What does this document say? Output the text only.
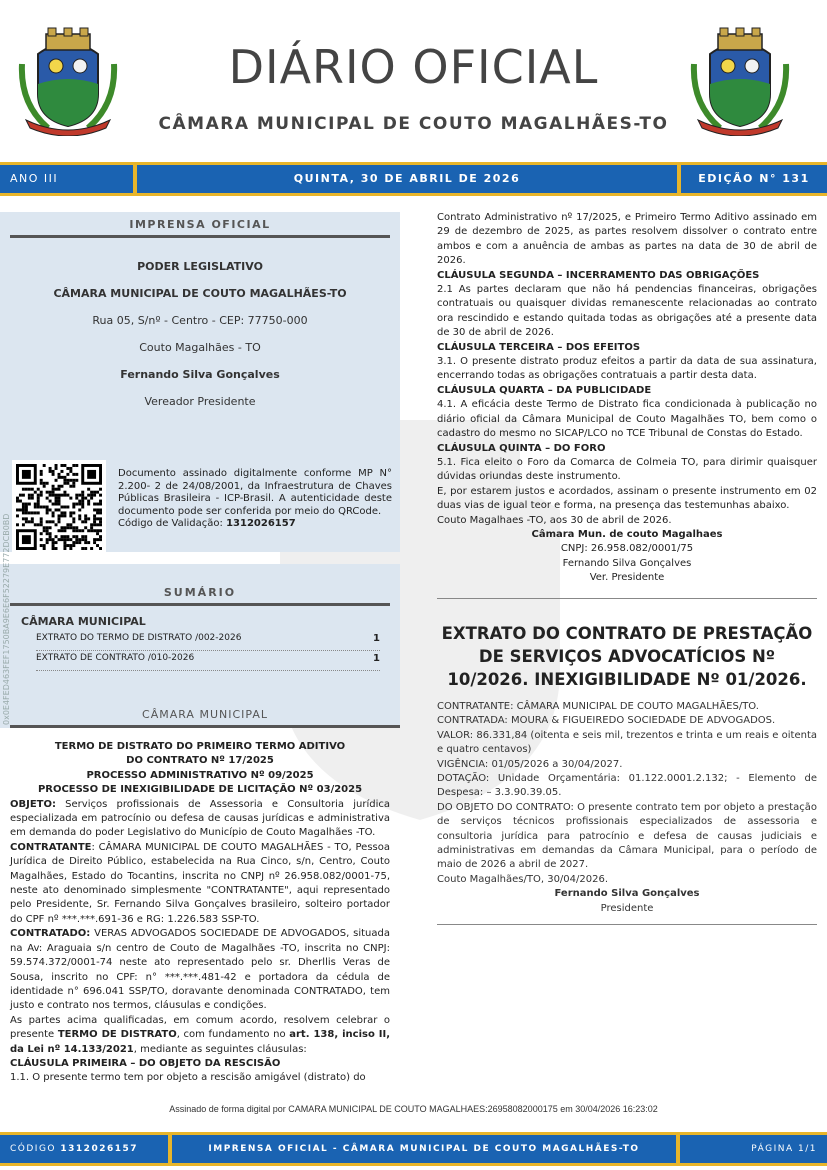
DIÁRIO OFICIAL
CÂMARA MUNICIPAL DE COUTO MAGALHÃES-TO
ANO III	QUINTA, 30 DE ABRIL DE 2026	EDIÇÃO N° 131
IMPRENSA OFICIAL

PODER LEGISLATIVO

CÂMARA MUNICIPAL DE COUTO MAGALHÃES-TO

Rua 05, S/nº - Centro - CEP: 77750-000

Couto Magalhães - TO

Fernando Silva Gonçalves

Vereador Presidente

Documento assinado digitalmente conforme MP N° 2.200- 2 de 24/08/2001, da Infraestrutura de Chaves Públicas Brasileira - ICP-Brasil. A autenticidade deste documento pode ser conferida por meio do QRCode.
Código de Validação: 1312026157
SUMÁRIO
CÂMARA MUNICIPAL
EXTRATO DO TERMO DE DISTRATO /002-2026	1
EXTRATO DE CONTRATO /010-2026	1
CÂMARA MUNICIPAL
TERMO DE DISTRATO DO PRIMEIRO TERMO ADITIVO
DO CONTRATO Nº 17/2025
PROCESSO ADMINISTRATIVO Nº 09/2025
PROCESSO DE INEXIGIBILIDADE DE LICITAÇÃO Nº 03/2025
OBJETO: Serviços profissionais de Assessoria e Consultoria jurídica especializada em patrocínio ou defesa de causas jurídicas e administrativa em demanda do poder Legislativo do Município de Couto Magalhães -TO.
CONTRATANTE: CÂMARA MUNICIPAL DE COUTO MAGALHÃES - TO, Pessoa Jurídica de Direito Público, estabelecida na Rua Cinco, s/n, Centro, Couto Magalhães, Estado do Tocantins, inscrita no CNPJ nº 26.958.082/0001-75, neste ato denominado simplesmente "CONTRATANTE", aqui representado pelo Presidente, Sr. Fernando Silva Gonçalves brasileiro, solteiro portador do CPF nº ***.***.691-36 e RG: 1.226.583 SSP-TO.
CONTRATADO: VERAS ADVOGADOS SOCIEDADE DE ADVOGADOS, situada na Av: Araguaia s/n centro de Couto de Magalhães -TO, inscrita no CNPJ: 59.574.372/0001-74 neste ato representado pelo sr. Dherllis Veras de Sousa, inscrito no CPF: n° ***.***.481-42 e portadora da cédula de identidade n° 696.041 SSP/TO, doravante denominada CONTRATADO, tem justo e contrato nos termos, cláusulas e condições.
As partes acima qualificadas, em comum acordo, resolvem celebrar o presente TERMO DE DISTRATO, com fundamento no art. 138, inciso II, da Lei nº 14.133/2021, mediante as seguintes cláusulas:
CLÁUSULA PRIMEIRA – DO OBJETO DA RESCISÃO
1.1. O presente termo tem por objeto a rescisão amigável (distrato) do
Contrato Administrativo nº 17/2025, e Primeiro Termo Aditivo assinado em 29 de dezembro de 2025, as partes resolvem dissolver o contrato entre ambos e com a anuência de ambas as partes na data de 30 de abril de 2026.
CLÁUSULA SEGUNDA – INCERRAMENTO DAS OBRIGAÇÕES
2.1 As partes declaram que não há pendencias financeiras, obrigações contratuais ou quaisquer dividas remanescente relacionadas ao contrato ora rescindido e estando quitada todas as obrigações até a presente data de 30 de abril de 2026.
CLÁUSULA TERCEIRA – DOS EFEITOS
3.1. O presente distrato produz efeitos a partir da data de sua assinatura, encerrando todas as obrigações contratuais a partir desta data.
CLÁUSULA QUARTA – DA PUBLICIDADE
4.1. A eficácia deste Termo de Distrato fica condicionada à publicação no diário oficial da Câmara Municipal de Couto Magalhães TO, bem como o cadastro do mesmo no SICAP/LCO no TCE Tribunal de Constas do Estado.
CLÁUSULA QUINTA – DO FORO
5.1. Fica eleito o Foro da Comarca de Colmeia TO, para dirimir quaisquer dúvidas oriundas deste instrumento.
E, por estarem justos e acordados, assinam o presente instrumento em 02 duas vias de igual teor e forma, na presença das testemunhas abaixo.
Couto Magalhaes -TO, aos 30 de abril de 2026.
Câmara Mun. de couto Magalhaes
CNPJ: 26.958.082/0001/75
Fernando Silva Gonçalves
Ver. Presidente
EXTRATO DO CONTRATO DE PRESTAÇÃO DE SERVIÇOS ADVOCATÍCIOS Nº 10/2026. INEXIGIBILIDADE Nº 01/2026.
CONTRATANTE: CÂMARA MUNICIPAL DE COUTO MAGALHÃES/TO.
CONTRATADA: MOURA & FIGUEIREDO SOCIEDADE DE ADVOGADOS.
VALOR: 86.331,84 (oitenta e seis mil, trezentos e trinta e um reais e oitenta e quatro centavos)
VIGÊNCIA: 01/05/2026 a 30/04/2027.
DOTAÇÃO: Unidade Orçamentária: 01.122.0001.2.132; - Elemento de Despesa: – 3.3.90.39.05.
DO OBJETO DO CONTRATO: O presente contrato tem por objeto a prestação de serviços técnicos profissionais especializados de assessoria e consultoria jurídica para patrocínio e defesa de causas judiciais e administrativas em demandas da Câmara Municipal, para o período de maio de 2026 a abril de 2027.
Couto Magalhães/TO, 30/04/2026.
Fernando Silva Gonçalves
Presidente
Assinado de forma digital por CAMARA MUNICIPAL DE COUTO MAGALHAES:26958082000175 em 30/04/2026 16:23:02
CÓDIGO 1312026157	IMPRENSA OFICIAL - CÂMARA MUNICIPAL DE COUTO MAGALHÃES-TO	PÁGINA 1/1
